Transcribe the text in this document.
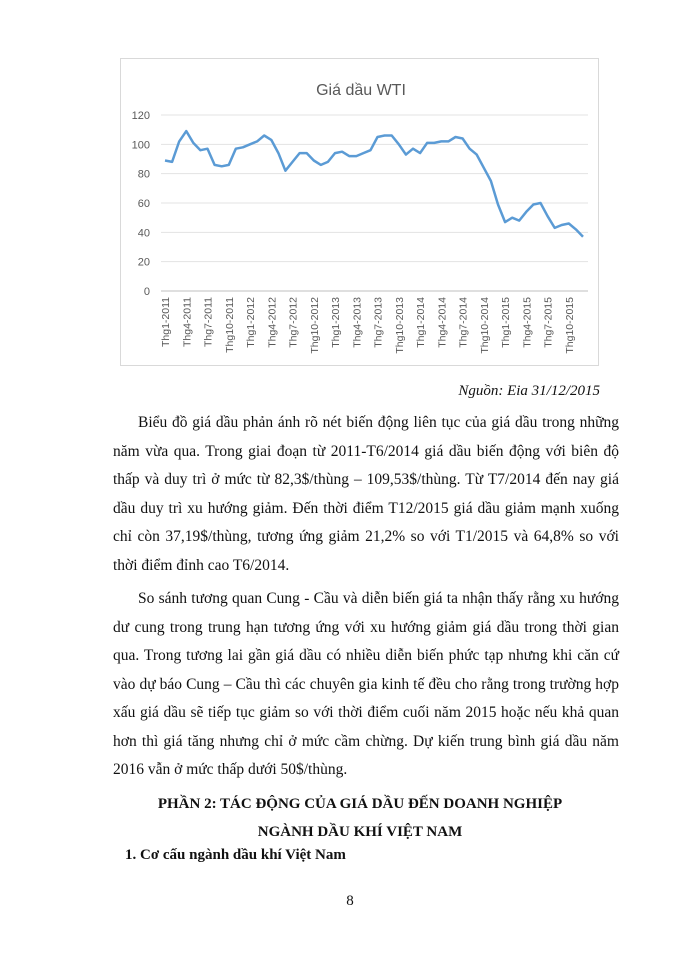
Giá dầu WTI
0
20
40
60
80
100
120
Thg1-2011 Thg4-2011 Thg7-2011 Thg10-2011 Thg1-2012 Thg4-2012 Thg7-2012 Thg10-2012 Thg1-2013 Thg4-2013 Thg7-2013 Thg10-2013 Thg1-2014 Thg4-2014 Thg7-2014 Thg10-2014 Thg1-2015 Thg4-2015 Thg7-2015 Thg10-2015
Nguồn: Eia 31/12/2015
Biểu đồ giá dầu phản ánh rõ nét biến động liên tục của giá dầu trong những năm vừa qua. Trong giai đoạn từ 2011-T6/2014 giá dầu biến động với biên độ thấp và duy trì ở mức từ 82,3$/thùng – 109,53$/thùng. Từ T7/2014 đến nay giá dầu duy trì xu hướng giảm. Đến thời điểm T12/2015 giá dầu giảm mạnh xuống chỉ còn 37,19$/thùng, tương ứng giảm 21,2% so với T1/2015 và 64,8% so với thời điểm đỉnh cao T6/2014.
So sánh tương quan Cung - Cầu và diễn biến giá ta nhận thấy rằng xu hướng dư cung trong trung hạn tương ứng với xu hướng giảm giá dầu trong thời gian qua. Trong tương lai gần giá dầu có nhiều diễn biến phức tạp nhưng khi căn cứ vào dự báo Cung – Cầu thì các chuyên gia kinh tế đều cho rằng trong trường hợp xấu giá dầu sẽ tiếp tục giảm so với thời điểm cuối năm 2015 hoặc nếu khả quan hơn thì giá tăng nhưng chỉ ở mức cầm chừng. Dự kiến trung bình giá dầu năm 2016 vẫn ở mức thấp dưới 50$/thùng.
PHẦN 2: TÁC ĐỘNG CỦA GIÁ DẦU ĐẾN DOANH NGHIỆP
NGÀNH DẦU KHÍ VIỆT NAM
1. Cơ cấu ngành dầu khí Việt Nam
8
